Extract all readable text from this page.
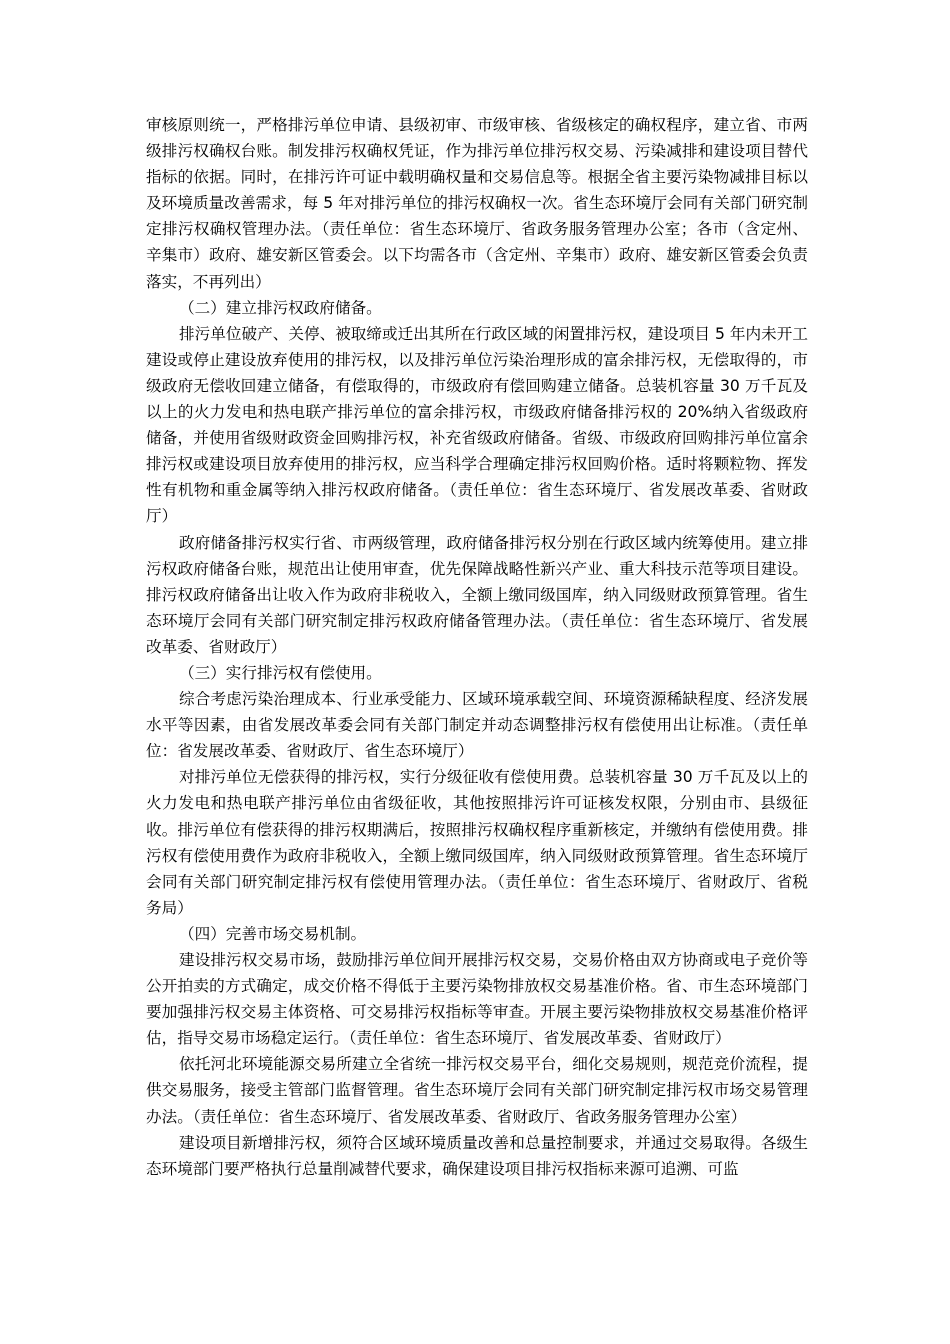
审核原则统一，严格排污单位申请、县级初审、市级审核、省级核定的确权程序，建立省、市两级排污权确权台账。制发排污权确权凭证，作为排污单位排污权交易、污染减排和建设项目替代指标的依据。同时，在排污许可证中载明确权量和交易信息等。根据全省主要污染物减排目标以及环境质量改善需求，每 5 年对排污单位的排污权确权一次。省生态环境厅会同有关部门研究制定排污权确权管理办法。（责任单位：省生态环境厅、省政务服务管理办公室；各市（含定州、辛集市）政府、雄安新区管委会。以下均需各市（含定州、辛集市）政府、雄安新区管委会负责落实，不再列出）

（二）建立排污权政府储备。

排污单位破产、关停、被取缔或迁出其所在行政区域的闲置排污权，建设项目 5 年内未开工建设或停止建设放弃使用的排污权，以及排污单位污染治理形成的富余排污权，无偿取得的，市级政府无偿收回建立储备，有偿取得的，市级政府有偿回购建立储备。总装机容量 30 万千瓦及以上的火力发电和热电联产排污单位的富余排污权，市级政府储备排污权的 20%纳入省级政府储备，并使用省级财政资金回购排污权，补充省级政府储备。省级、市级政府回购排污单位富余排污权或建设项目放弃使用的排污权，应当科学合理确定排污权回购价格。适时将颗粒物、挥发性有机物和重金属等纳入排污权政府储备。（责任单位：省生态环境厅、省发展改革委、省财政厅）

政府储备排污权实行省、市两级管理，政府储备排污权分别在行政区域内统筹使用。建立排污权政府储备台账，规范出让使用审查，优先保障战略性新兴产业、重大科技示范等项目建设。排污权政府储备出让收入作为政府非税收入，全额上缴同级国库，纳入同级财政预算管理。省生态环境厅会同有关部门研究制定排污权政府储备管理办法。（责任单位：省生态环境厅、省发展改革委、省财政厅）

（三）实行排污权有偿使用。

综合考虑污染治理成本、行业承受能力、区域环境承载空间、环境资源稀缺程度、经济发展水平等因素，由省发展改革委会同有关部门制定并动态调整排污权有偿使用出让标准。（责任单位：省发展改革委、省财政厅、省生态环境厅）

对排污单位无偿获得的排污权，实行分级征收有偿使用费。总装机容量 30 万千瓦及以上的火力发电和热电联产排污单位由省级征收，其他按照排污许可证核发权限，分别由市、县级征收。排污单位有偿获得的排污权期满后，按照排污权确权程序重新核定，并缴纳有偿使用费。排污权有偿使用费作为政府非税收入，全额上缴同级国库，纳入同级财政预算管理。省生态环境厅会同有关部门研究制定排污权有偿使用管理办法。（责任单位：省生态环境厅、省财政厅、省税务局）

（四）完善市场交易机制。

建设排污权交易市场，鼓励排污单位间开展排污权交易，交易价格由双方协商或电子竞价等公开拍卖的方式确定，成交价格不得低于主要污染物排放权交易基准价格。省、市生态环境部门要加强排污权交易主体资格、可交易排污权指标等审查。开展主要污染物排放权交易基准价格评估，指导交易市场稳定运行。（责任单位：省生态环境厅、省发展改革委、省财政厅）

依托河北环境能源交易所建立全省统一排污权交易平台，细化交易规则，规范竞价流程，提供交易服务，接受主管部门监督管理。省生态环境厅会同有关部门研究制定排污权市场交易管理办法。（责任单位：省生态环境厅、省发展改革委、省财政厅、省政务服务管理办公室）

建设项目新增排污权，须符合区域环境质量改善和总量控制要求，并通过交易取得。各级生态环境部门要严格执行总量削减替代要求，确保建设项目排污权指标来源可追溯、可监
